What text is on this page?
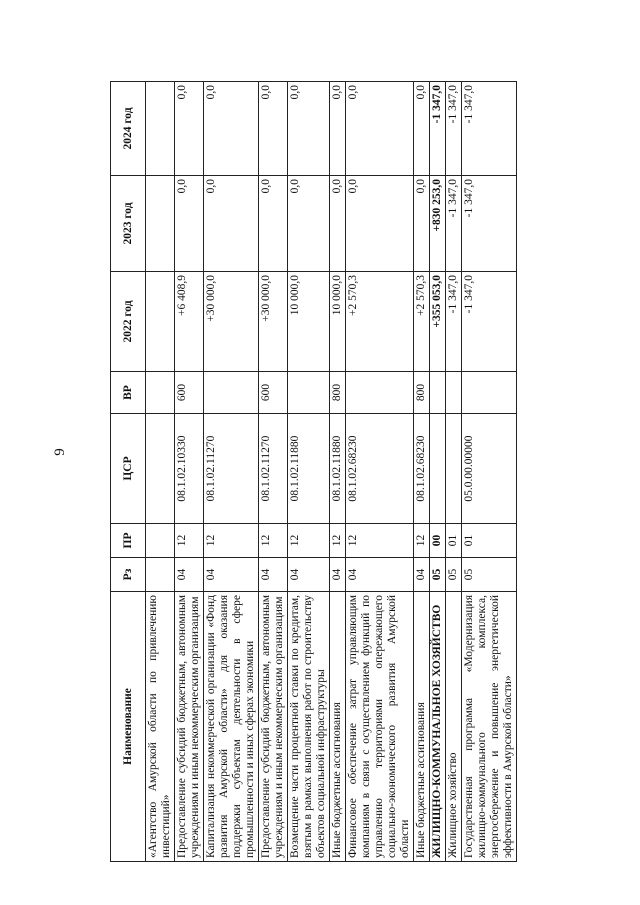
9
Наименование	Рз	ПР	ЦСР	ВР	2022 год	2023 год	2024 год
«Агентство Амурской области по привлечению инвестиций»							
Предоставление субсидий бюджетным, автономным учреждениям и иным некоммерческим организациям	04	12	08.1.02.10330	600	+6 408,9	0,0	0,0
Капитализация некоммерческой организации «Фонд развития Амурской области» для оказания поддержки субъектам деятельности в сфере промышленности и иных сферах экономики	04	12	08.1.02.11270		+30 000,0	0,0	0,0
Предоставление субсидий бюджетным, автономным учреждениям и иным некоммерческим организациям	04	12	08.1.02.11270	600	+30 000,0	0,0	0,0
Возмещение части процентной ставки по кредитам, взятым в рамках выполнения работ по строительству объектов социальной инфраструктуры	04	12	08.1.02.11880		10 000,0	0,0	0,0
Иные бюджетные ассигнования	04	12	08.1.02.11880	800	10 000,0	0,0	0,0
Финансовое обеспечение затрат управляющим компаниям в связи с осуществлением функций по управлению территориями опережающего социально-экономического развития Амурской области	04	12	08.1.02.68230		+2 570,3	0,0	0,0
Иные бюджетные ассигнования	04	12	08.1.02.68230	800	+2 570,3	0,0	0,0
ЖИЛИЩНО-КОММУНАЛЬНОЕ ХОЗЯЙСТВО	05	00			+355 053,0	+830 253,0	-1 347,0
Жилищное хозяйство	05	01			-1 347,0	-1 347,0	-1 347,0
Государственная программа «Модернизация жилищно-коммунального комплекса, энергосбережение и повышение энергетической эффективности в Амурской области»	05	01	05.0.00.00000		-1 347,0	-1 347,0	-1 347,0
